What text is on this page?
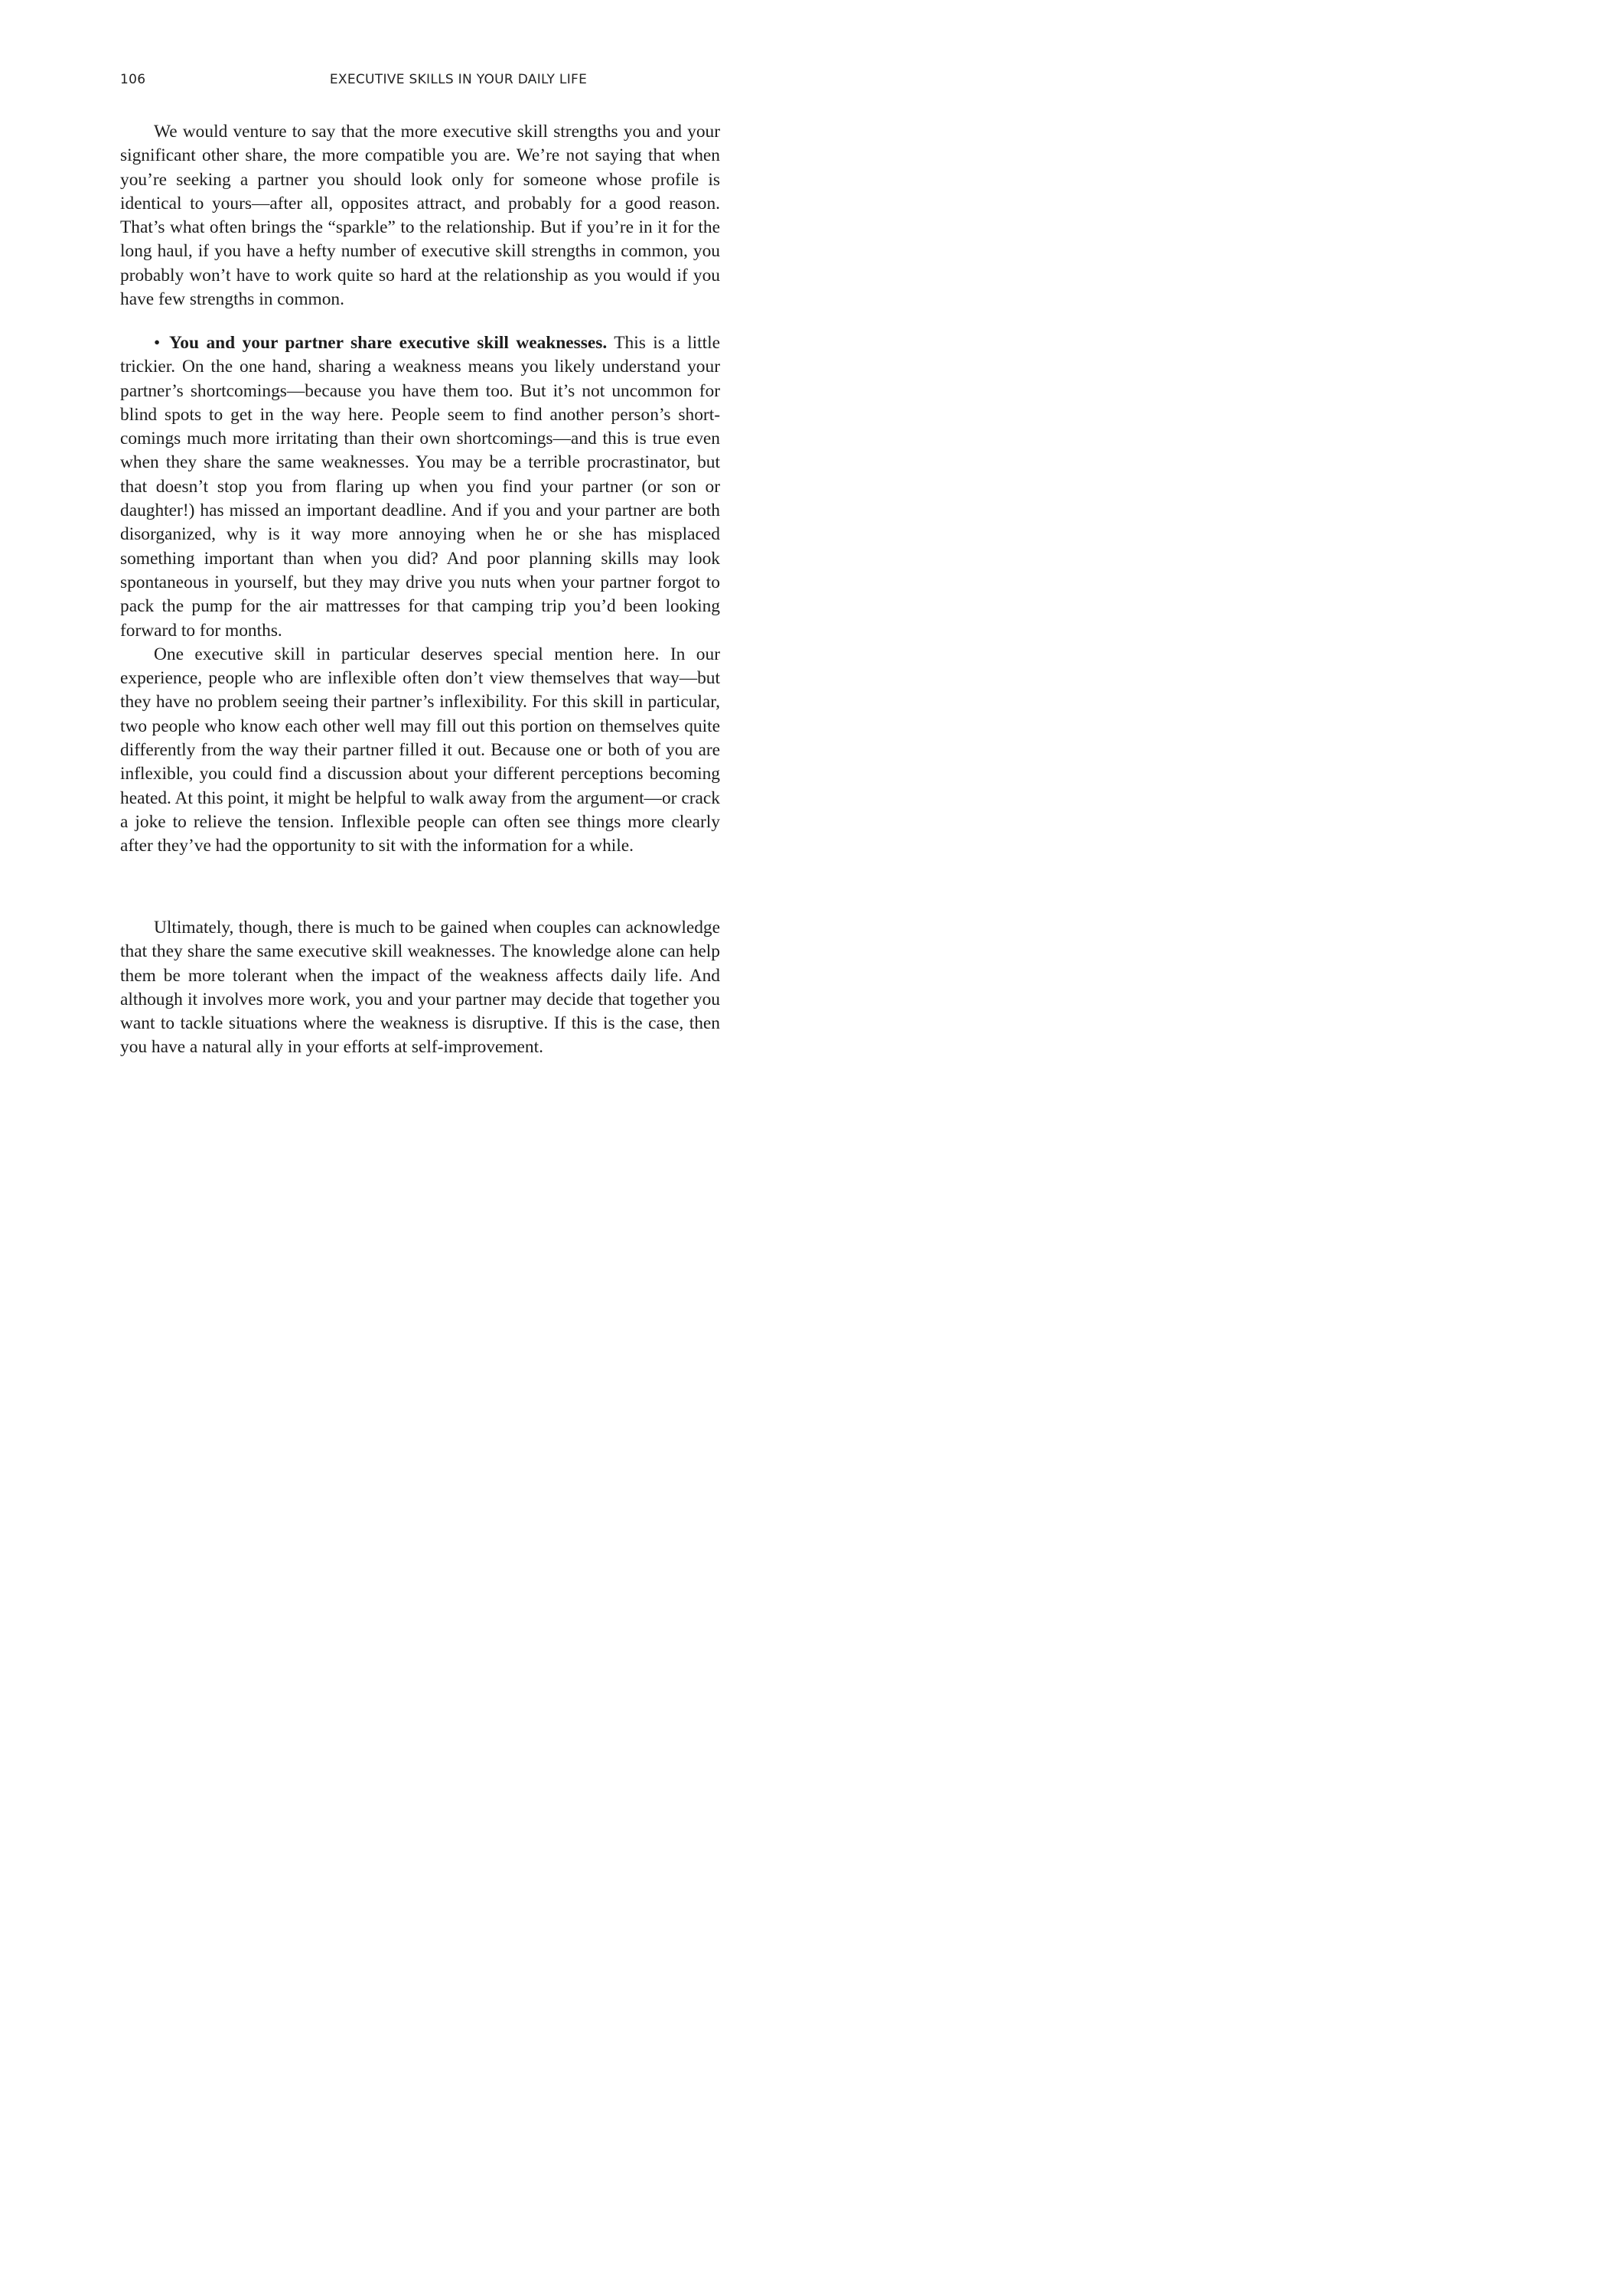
106	EXECUTIVE SKILLS IN YOUR DAILY LIFE

We would venture to say that the more executive skill strengths you and your significant other share, the more compatible you are. We’re not saying that when you’re seeking a partner you should look only for someone whose profile is identical to yours—after all, opposites attract, and probably for a good reason. That’s what often brings the “sparkle” to the relationship. But if you’re in it for the long haul, if you have a hefty number of executive skill strengths in common, you probably won’t have to work quite so hard at the relationship as you would if you have few strengths in common.

• You and your partner share executive skill weaknesses. This is a little trickier. On the one hand, sharing a weakness means you likely understand your partner’s shortcomings—because you have them too. But it’s not uncommon for blind spots to get in the way here. People seem to find another person’s shortcomings much more irritating than their own shortcomings—and this is true even when they share the same weaknesses. You may be a terrible procrastinator, but that doesn’t stop you from flaring up when you find your partner (or son or daughter!) has missed an important deadline. And if you and your partner are both disorganized, why is it way more annoying when he or she has misplaced something important than when you did? And poor planning skills may look spontaneous in yourself, but they may drive you nuts when your partner forgot to pack the pump for the air mattresses for that camping trip you’d been looking forward to for months.

One executive skill in particular deserves special mention here. In our experience, people who are inflexible often don’t view themselves that way—but they have no problem seeing their partner’s inflexibility. For this skill in particular, two people who know each other well may fill out this portion on themselves quite differently from the way their partner filled it out. Because one or both of you are inflexible, you could find a discussion about your different perceptions becoming heated. At this point, it might be helpful to walk away from the argument—or crack a joke to relieve the tension. Inflexible people can often see things more clearly after they’ve had the opportunity to sit with the information for a while.

Ultimately, though, there is much to be gained when couples can acknowledge that they share the same executive skill weaknesses. The knowledge alone can help them be more tolerant when the impact of the weakness affects daily life. And although it involves more work, you and your partner may decide that together you want to tackle situations where the weakness is disruptive. If this is the case, then you have a natural ally in your efforts at self-improvement.
